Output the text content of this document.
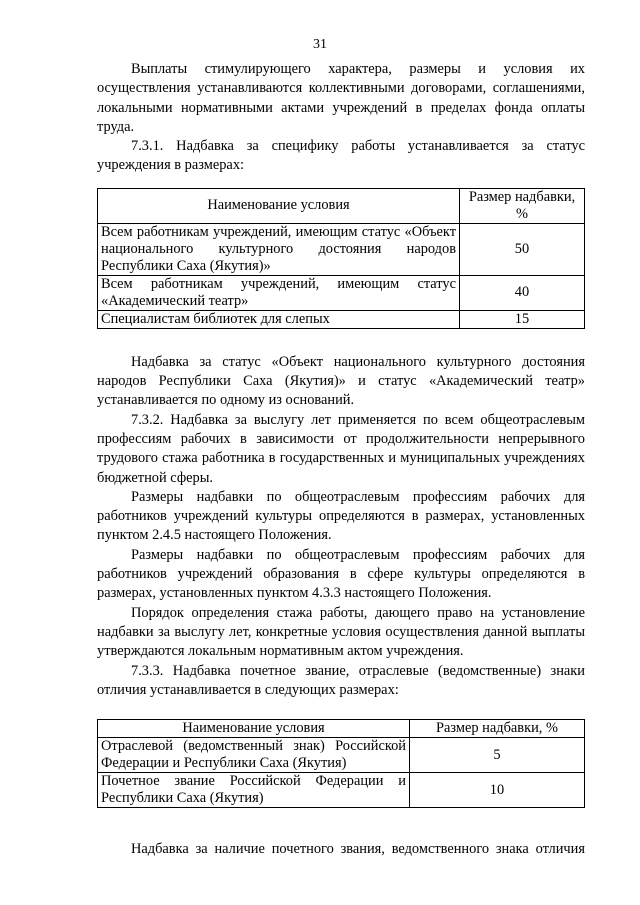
31

Выплаты стимулирующего характера, размеры и условия их осуществления устанавливаются коллективными договорами, соглашениями, локальными нормативными актами учреждений в пределах фонда оплаты труда.

7.3.1. Надбавка за специфику работы устанавливается за статус учреждения в размерах:

Наименование условия	Размер надбавки, %
Всем работникам учреждений, имеющим статус «Объект национального культурного достояния народов Республики Саха (Якутия)»	50
Всем работникам учреждений, имеющим статус «Академический театр»	40
Специалистам библиотек для слепых	15

Надбавка за статус «Объект национального культурного достояния народов Республики Саха (Якутия)» и статус «Академический театр» устанавливается по одному из оснований.

7.3.2. Надбавка за выслугу лет применяется по всем общеотраслевым профессиям рабочих в зависимости от продолжительности непрерывного трудового стажа работника в государственных и муниципальных учреждениях бюджетной сферы.

Размеры надбавки по общеотраслевым профессиям рабочих для работников учреждений культуры определяются в размерах, установленных пунктом 2.4.5 настоящего Положения.

Размеры надбавки по общеотраслевым профессиям рабочих для работников учреждений образования в сфере культуры определяются в размерах, установленных пунктом 4.3.3 настоящего Положения.

Порядок определения стажа работы, дающего право на установление надбавки за выслугу лет, конкретные условия осуществления данной выплаты утверждаются локальным нормативным актом учреждения.

7.3.3. Надбавка почетное звание, отраслевые (ведомственные) знаки отличия устанавливается в следующих размерах:

Наименование условия	Размер надбавки, %
Отраслевой (ведомственный знак) Российской Федерации и Республики Саха (Якутия)	5
Почетное звание Российской Федерации и Республики Саха (Якутия)	10

Надбавка за наличие почетного звания, ведомственного знака отличия
